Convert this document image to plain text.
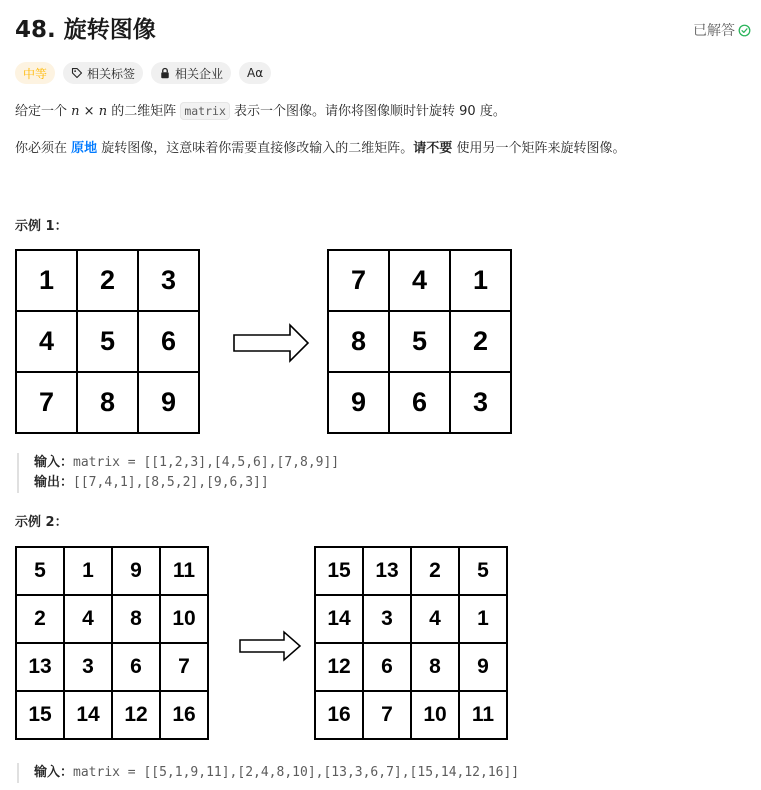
48. 旋转图像	已解答
中等	相关标签	相关企业 Aα

给定一个 n × n 的二维矩阵 matrix 表示一个图像。请你将图像顺时针旋转 90 度。

你必须在 原地 旋转图像，这意味着你需要直接修改输入的二维矩阵。请不要 使用另一个矩阵来旋转图像。

示例 1：
1	2	3
4	5	6
7	8	9
7	4	1
8	5	2
9	6	3
输入：matrix = [[1,2,3],[4,5,6],[7,8,9]]
输出：[[7,4,1],[8,5,2],[9,6,3]]
示例 2：
5	1	9	11
2	4	8	10
13	3	6	7
15	14	12	16
15	13	2	5
14	3	4	1
12	6	8	9
16	7	10	11
输入：matrix = [[5,1,9,11],[2,4,8,10],[13,3,6,7],[15,14,12,16]]
